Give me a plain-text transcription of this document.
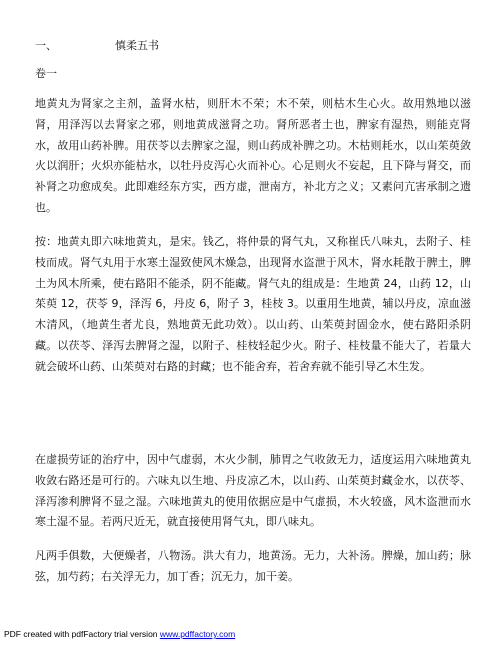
一、	慎柔五书
卷一

地黄丸为肾家之主剂，盖肾水枯，则肝木不荣；木不荣，则枯木生心火。故用熟地以滋肾，用泽泻以去肾家之邪，则地黄成滋肾之功。肾所恶者土也，脾家有湿热，则能克肾水，故用山药补脾。用茯苓以去脾家之湿，则山药成补脾之功。木枯则耗水，以山茱萸敛火以润肝；火炽亦能枯水，以牡丹皮泻心火而补心。心足则火不妄起，且下降与肾交，而补肾之功愈成矣。此即难经东方实，西方虚，泄南方，补北方之义；又素问亢害承制之遗也。

按：地黄丸即六味地黄丸，是宋。钱乙，将仲景的肾气丸，又称崔氏八味丸，去附子、桂枝而成。肾气丸用于水寒土湿致使风木燥急，出现肾水盗泄于风木，肾水耗散于脾土，脾土为风木所乘，使右路阳不能杀，阴不能藏。肾气丸的组成是：生地黄 24，山药 12，山茱萸 12，茯苓 9，泽泻 6，丹皮 6，附子 3，桂枝 3。以重用生地黄，辅以丹皮，凉血滋木清风，（地黄生者尤良，熟地黄无此功效）。以山药、山茱萸封固金水，使右路阳杀阴藏。以茯苓、泽泻去脾肾之湿，以附子、桂枝轻起少火。附子、桂枝量不能大了，若量大就会破坏山药、山茱萸对右路的封藏；也不能舍弃，若舍弃就不能引导乙木生发。

在虚损劳证的治疗中，因中气虚弱，木火少制，肺胃之气收敛无力，适度运用六味地黄丸收敛右路还是可行的。六味丸以生地、丹皮凉乙木，以山药、山茱萸封藏金水，以茯苓、泽泻渗利脾肾不显之湿。六味地黄丸的使用依据应是中气虚损，木火较盛，风木盗泄而水寒土湿不显。若两尺近无，就直接使用肾气丸，即八味丸。

凡两手俱数，大便燥者，八物汤。洪大有力，地黄汤。无力，大补汤。脾燥，加山药；脉弦，加芍药；右关浮无力，加丁香；沉无力，加干姜。

PDF created with pdfFactory trial version www.pdffactory.com
